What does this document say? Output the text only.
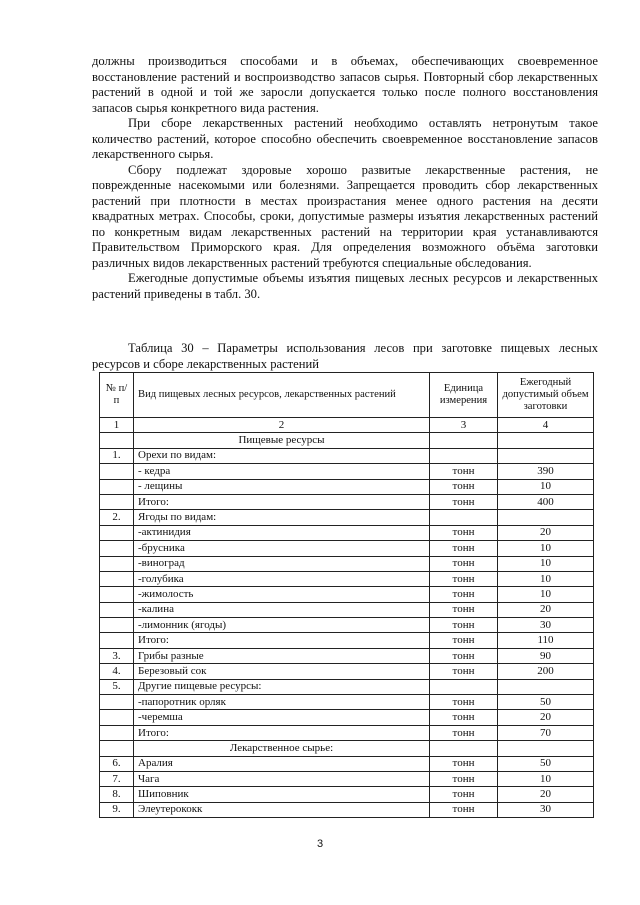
должны производиться способами и в объемах, обеспечивающих своевременное восстановление растений и воспроизводство запасов сырья. Повторный сбор лекарственных растений в одной и той же заросли допускается только после полного восстановления запасов сырья конкретного вида растения.

При сборе лекарственных растений необходимо оставлять нетронутым такое количество растений, которое способно обеспечить своевременное восстановление запасов лекарственного сырья.

Сбору подлежат здоровые хорошо развитые лекарственные растения, не поврежденные насекомыми или болезнями. Запрещается проводить сбор лекарственных растений при плотности в местах произрастания менее одного растения на десяти квадратных метрах. Способы, сроки, допустимые размеры изъятия лекарственных растений по конкретным видам лекарственных растений на территории края устанавливаются Правительством Приморского края. Для определения возможного объёма заготовки различных видов лекарственных растений требуются специальные обследования.

Ежегодные допустимые объемы изъятия пищевых лесных ресурсов и лекарственных растений приведены в табл. 30.

Таблица 30 – Параметры использования лесов при заготовке пищевых лесных ресурсов и сборе лекарственных растений

№ п/п	Вид пищевых лесных ресурсов, лекарственных растений	Единица измерения	Ежегодный допустимый объем заготовки
1	2	3	4
	Пищевые ресурсы		
1.	Орехи по видам:		
	- кедра	тонн	390
	- лещины	тонн	10
	Итого:	тонн	400
2.	Ягоды по видам:		
	-актинидия	тонн	20
	-брусника	тонн	10
	-виноград	тонн	10
	-голубика	тонн	10
	-жимолость	тонн	10
	-калина	тонн	20
	-лимонник (ягоды)	тонн	30
	Итого:	тонн	110
3.	Грибы разные	тонн	90
4.	Березовый сок	тонн	200
5.	Другие пищевые ресурсы:		
	-папоротник орляк	тонн	50
	-черемша	тонн	20
	Итого:	тонн	70
	Лекарственное сырье:		
6.	Аралия	тонн	50
7.	Чага	тонн	10
8.	Шиповник	тонн	20
9.	Элеутерококк	тонн	30
3
